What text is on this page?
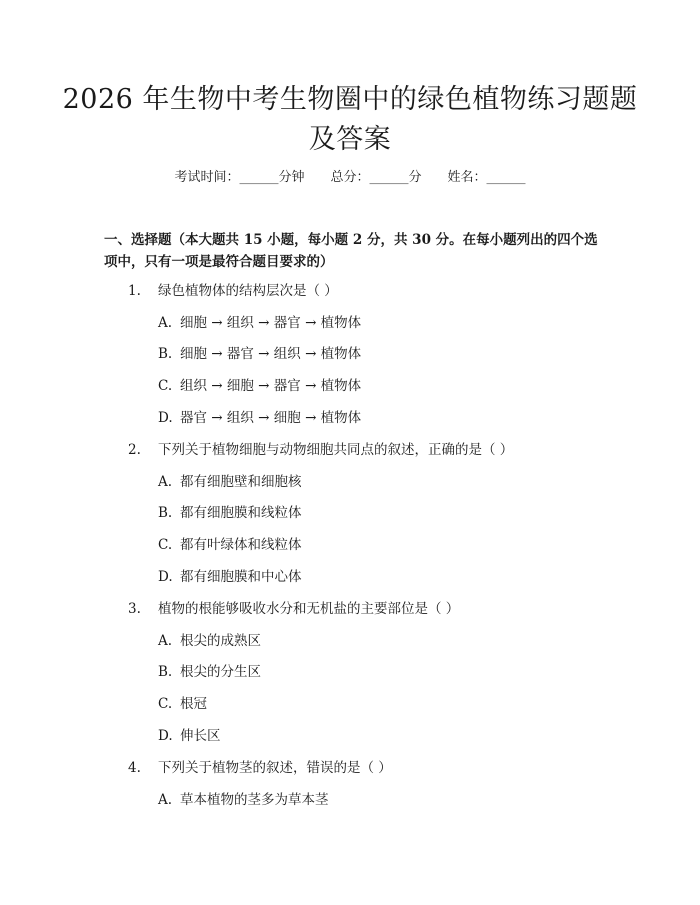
2026 年生物中考生物圈中的绿色植物练习题题及答案
考试时间：______分钟 总分：______分 姓名：______
一、选择题（本大题共 15 小题，每小题 2 分，共 30 分。在每小题列出的四个选项中，只有一项是最符合题目要求的）
1. 绿色植物体的结构层次是（ ）
A. 细胞 → 组织 → 器官 → 植物体
B. 细胞 → 器官 → 组织 → 植物体
C. 组织 → 细胞 → 器官 → 植物体
D. 器官 → 组织 → 细胞 → 植物体
2. 下列关于植物细胞与动物细胞共同点的叙述，正确的是（ ）
A. 都有细胞壁和细胞核
B. 都有细胞膜和线粒体
C. 都有叶绿体和线粒体
D. 都有细胞膜和中心体
3. 植物的根能够吸收水分和无机盐的主要部位是（ ）
A. 根尖的成熟区
B. 根尖的分生区
C. 根冠
D. 伸长区
4. 下列关于植物茎的叙述，错误的是（ ）
A. 草本植物的茎多为草本茎
